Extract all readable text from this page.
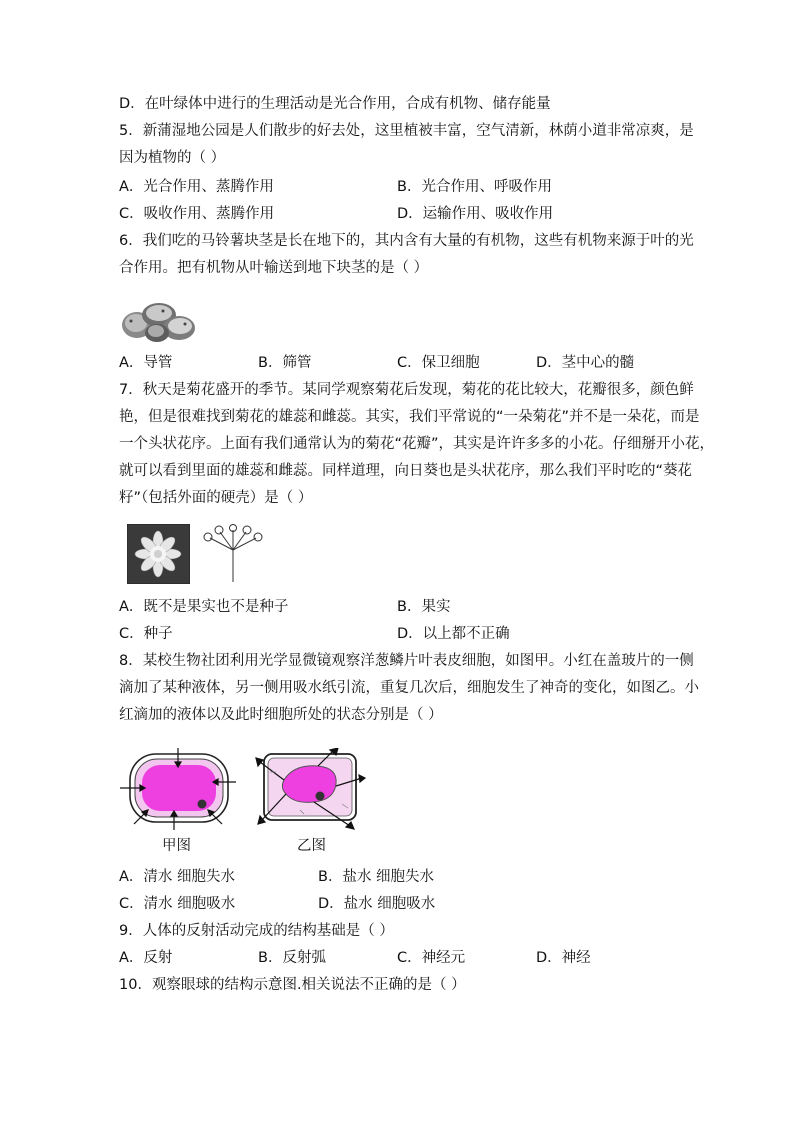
D．在叶绿体中进行的生理活动是光合作用，合成有机物、储存能量
5．新蒲湿地公园是人们散步的好去处，这里植被丰富，空气清新，林荫小道非常凉爽，是
因为植物的（ ）
A．光合作用、蒸腾作用	B．光合作用、呼吸作用
C．吸收作用、蒸腾作用	D．运输作用、吸收作用
6．我们吃的马铃薯块茎是长在地下的，其内含有大量的有机物，这些有机物来源于叶的光
合作用。把有机物从叶输送到地下块茎的是（ ）
A．导管	B．筛管	C．保卫细胞	D．茎中心的髓
7．秋天是菊花盛开的季节。某同学观察菊花后发现，菊花的花比较大，花瓣很多，颜色鲜
艳，但是很难找到菊花的雄蕊和雌蕊。其实，我们平常说的“一朵菊花”并不是一朵花，而是
一个头状花序。上面有我们通常认为的菊花“花瓣”，其实是许许多多的小花。仔细掰开小花，
就可以看到里面的雄蕊和雌蕊。同样道理，向日葵也是头状花序，那么我们平时吃的“葵花
籽”（包括外面的硬壳）是（ ）
A．既不是果实也不是种子	B．果实
C．种子	D．以上都不正确
8．某校生物社团利用光学显微镜观察洋葱鳞片叶表皮细胞，如图甲。小红在盖玻片的一侧
滴加了某种液体，另一侧用吸水纸引流，重复几次后，细胞发生了神奇的变化，如图乙。小
红滴加的液体以及此时细胞所处的状态分别是（ ）
甲图	乙图
A．清水 细胞失水	B．盐水 细胞失水
C．清水 细胞吸水	D．盐水 细胞吸水
9．人体的反射活动完成的结构基础是（ ）
A．反射	B．反射弧	C．神经元	D．神经
10．观察眼球的结构示意图.相关说法不正确的是（ ）
